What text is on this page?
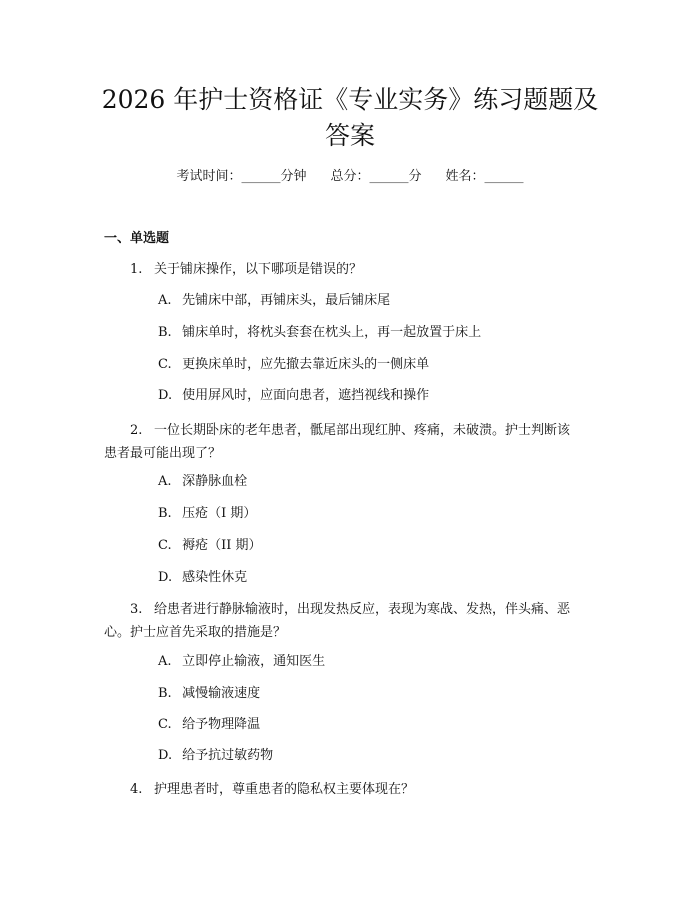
2026 年护士资格证《专业实务》练习题题及
答案
考试时间：______分钟 总分：______分 姓名：______
一、单选题
1. 关于铺床操作，以下哪项是错误的？
A. 先铺床中部，再铺床头，最后铺床尾
B. 铺床单时，将枕头套套在枕头上，再一起放置于床上
C. 更换床单时，应先撤去靠近床头的一侧床单
D. 使用屏风时，应面向患者，遮挡视线和操作
2. 一位长期卧床的老年患者，骶尾部出现红肿、疼痛，未破溃。护士判断该
患者最可能出现了？
A. 深静脉血栓
B. 压疮（I 期）
C. 褥疮（II 期）
D. 感染性休克
3. 给患者进行静脉输液时，出现发热反应，表现为寒战、发热，伴头痛、恶
心。护士应首先采取的措施是？
A. 立即停止输液，通知医生
B. 减慢输液速度
C. 给予物理降温
D. 给予抗过敏药物
4. 护理患者时，尊重患者的隐私权主要体现在？
